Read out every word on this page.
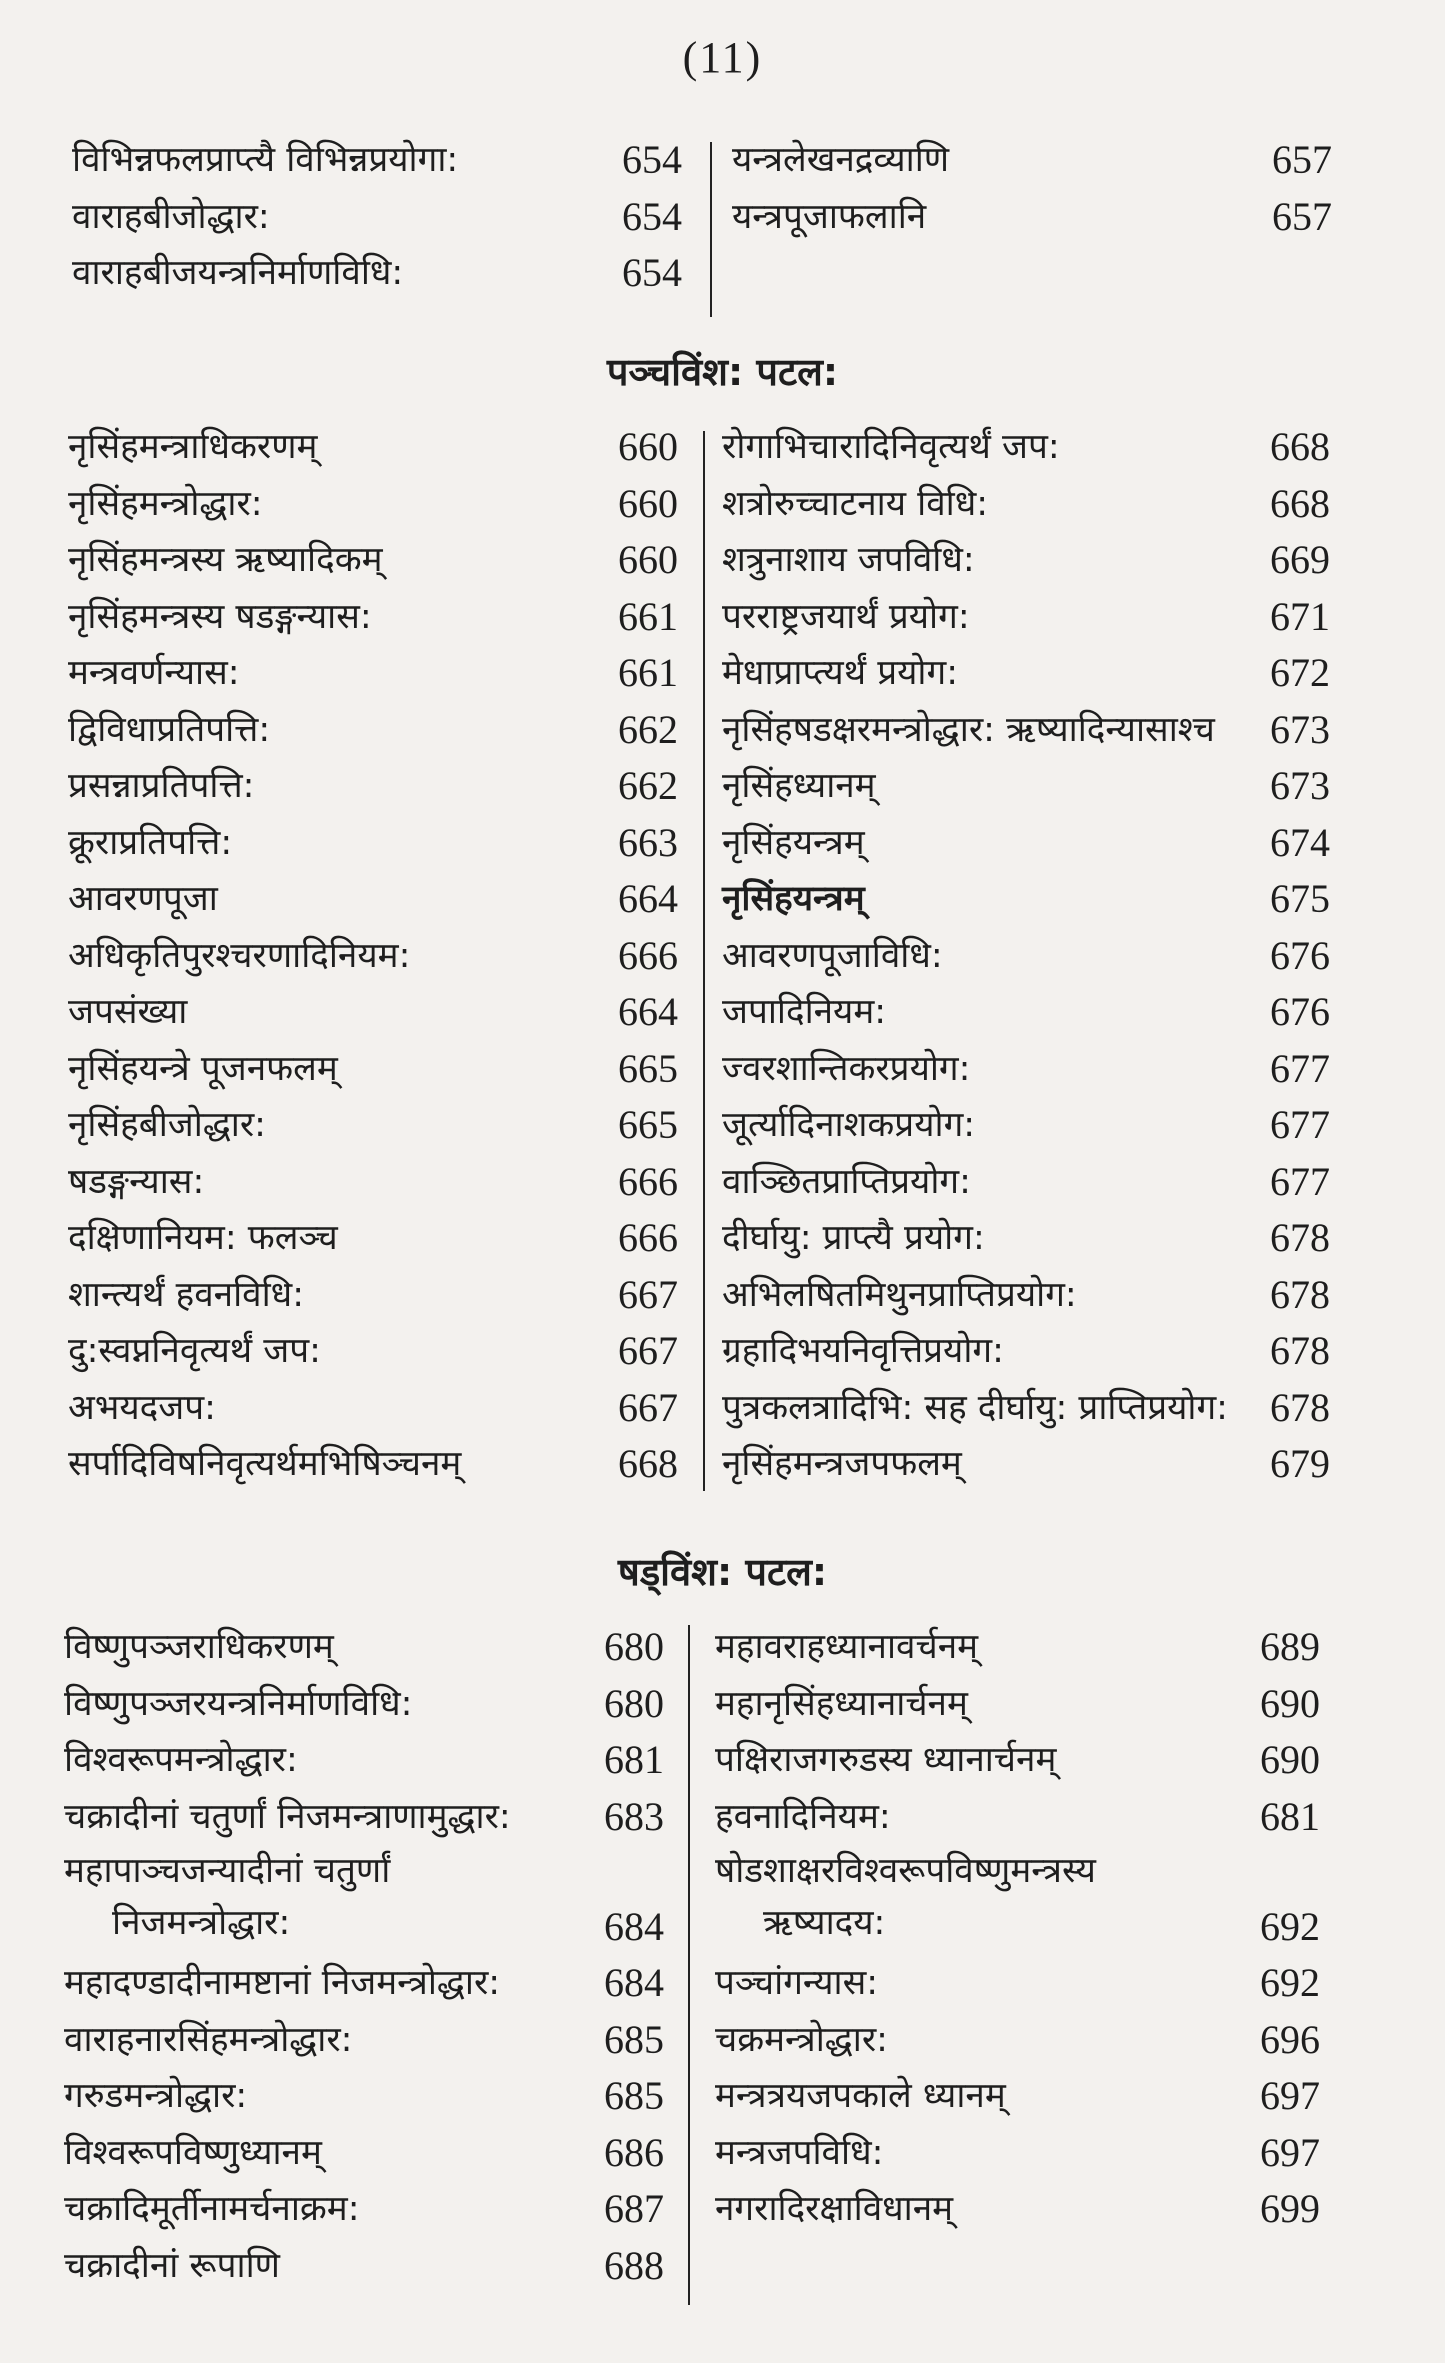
(11)
विभिन्नफलप्राप्त्यै विभिन्नप्रयोगा:	654
वाराहबीजोद्धार:	654
वाराहबीजयन्त्रनिर्माणविधि:	654
यन्त्रलेखनद्रव्याणि	657
यन्त्रपूजाफलानि	657
पञ्चविंश: पटल:
नृसिंहमन्त्राधिकरणम्	660
नृसिंहमन्त्रोद्धार:	660
नृसिंहमन्त्रस्य ऋष्यादिकम्	660
नृसिंहमन्त्रस्य षडङ्गन्यास:	661
मन्त्रवर्णन्यास:	661
द्विविधाप्रतिपत्ति:	662
प्रसन्नाप्रतिपत्ति:	662
क्रूराप्रतिपत्ति:	663
आवरणपूजा	664
अधिकृतिपुरश्चरणादिनियम:	666
जपसंख्या	664
नृसिंहयन्त्रे पूजनफलम्	665
नृसिंहबीजोद्धार:	665
षडङ्गन्यास:	666
दक्षिणानियम: फलञ्च	666
शान्त्यर्थं हवनविधि:	667
दु:स्वप्ननिवृत्यर्थं जप:	667
अभयदजप:	667
सर्पादिविषनिवृत्यर्थमभिषिञ्चनम्	668
रोगाभिचारादिनिवृत्यर्थं जप:	668
शत्रोरुच्चाटनाय विधि:	668
शत्रुनाशाय जपविधि:	669
परराष्ट्रजयार्थं प्रयोग:	671
मेधाप्राप्त्यर्थं प्रयोग:	672
नृसिंहषडक्षरमन्त्रोद्धार: ऋष्यादिन्यासाश्च 673
नृसिंहध्यानम्	673
नृसिंहयन्त्रम्	674
नृसिंहयन्त्रम्	675
आवरणपूजाविधि:	676
जपादिनियम:	676
ज्वरशान्तिकरप्रयोग:	677
जूर्त्यादिनाशकप्रयोग:	677
वाञ्छितप्राप्तिप्रयोग:	677
दीर्घायु: प्राप्त्यै प्रयोग:	678
अभिलषितमिथुनप्राप्तिप्रयोग:	678
ग्रहादिभयनिवृत्तिप्रयोग:	678
पुत्रकलत्रादिभि: सह दीर्घायु: प्राप्तिप्रयोग: 678
नृसिंहमन्त्रजपफलम्	679
षड्विंश: पटल:
विष्णुपञ्जराधिकरणम्	680
विष्णुपञ्जरयन्त्रनिर्माणविधि:	680
विश्वरूपमन्त्रोद्धार:	681
चक्रादीनां चतुर्णां निजमन्त्राणामुद्धार: 683
महापाञ्चजन्यादीनां चतुर्णां
निजमन्त्रोद्धार:	684
महादण्डादीनामष्टानां निजमन्त्रोद्धार:	684
वाराहनारसिंहमन्त्रोद्धार:	685
गरुडमन्त्रोद्धार:	685
विश्वरूपविष्णुध्यानम्	686
चक्रादिमूर्तीनामर्चनाक्रम:	687
चक्रादीनां रूपाणि	688
महावराहध्यानावर्चनम्	689
महानृसिंहध्यानार्चनम्	690
पक्षिराजगरुडस्य ध्यानार्चनम्	690
हवनादिनियम:	681
षोडशाक्षरविश्वरूपविष्णुमन्त्रस्य
ऋष्यादय:	692
पञ्चांगन्यास:	692
चक्रमन्त्रोद्धार:	696
मन्त्रत्रयजपकाले ध्यानम्	697
मन्त्रजपविधि:	697
नगरादिरक्षाविधानम्	699
